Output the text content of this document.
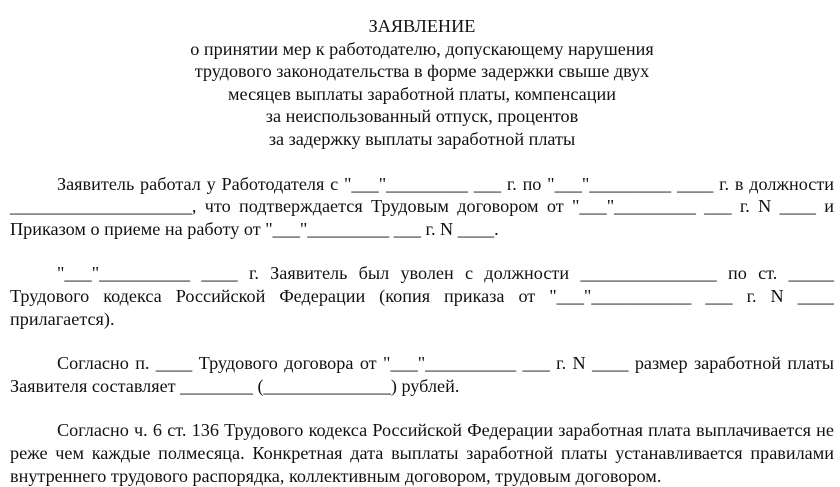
ЗАЯВЛЕНИЕ
о принятии мер к работодателю, допускающему нарушения
трудового законодательства в форме задержки свыше двух
месяцев выплаты заработной платы, компенсации
за неиспользованный отпуск, процентов
за задержку выплаты заработной платы

Заявитель работал у Работодателя с "___"_________ ___ г. по "___"_________ ____ г. в должности ____________________, что подтверждается Трудовым договором от "___"_________ ___ г. N ____ и Приказом о приеме на работу от "___"_________ ___ г. N ____.

"___"__________ ____ г. Заявитель был уволен с должности _______________ по ст. _____ Трудового кодекса Российской Федерации (копия приказа от "___"___________ ___ г. N ____ прилагается).

Согласно п. ____ Трудового договора от "___"__________ ___ г. N ____ размер заработной платы Заявителя составляет ________ (______________) рублей.

Согласно ч. 6 ст. 136 Трудового кодекса Российской Федерации заработная плата выплачивается не реже чем каждые полмесяца. Конкретная дата выплаты заработной платы устанавливается правилами внутреннего трудового распорядка, коллективным договором, трудовым договором.
